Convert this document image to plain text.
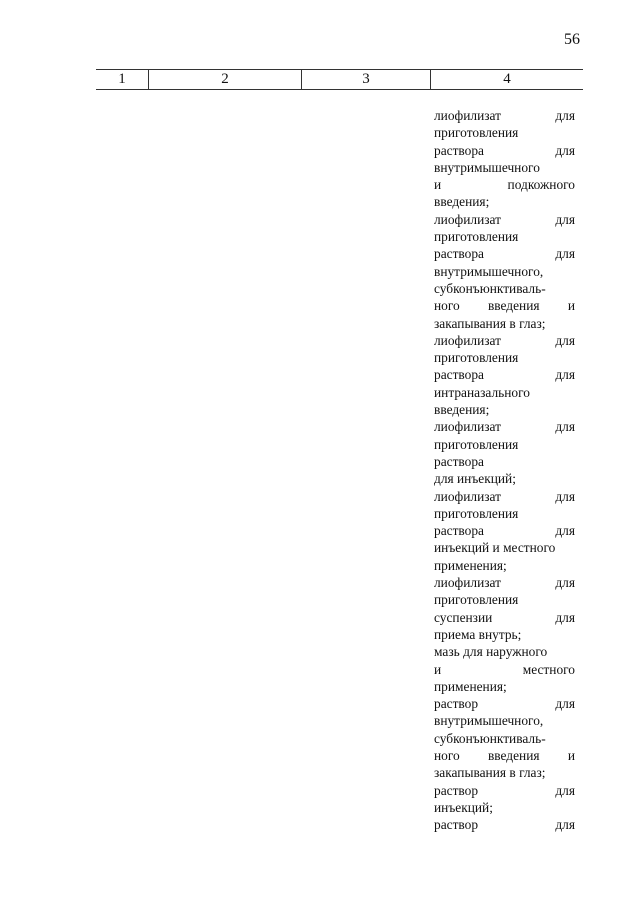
56
1	2	3	4
лиофилизат	для
приготовления
раствора	для
внутримышечного
и	подкожного
введения;
лиофилизат	для
приготовления
раствора	для
внутримышечного,
субконъюнктиваль-
ного введения и
закапывания в глаз;
лиофилизат	для
приготовления
раствора	для
интраназального
введения;
лиофилизат	для
приготовления
раствора
для инъекций;
лиофилизат	для
приготовления
раствора	для
инъекций и местного
применения;
лиофилизат	для
приготовления
суспензии	для
приема внутрь;
мазь для наружного
и	местного
применения;
раствор	для
внутримышечного,
субконъюнктиваль-
ного введения и
закапывания в глаз;
раствор	для
инъекций;
раствор	для
